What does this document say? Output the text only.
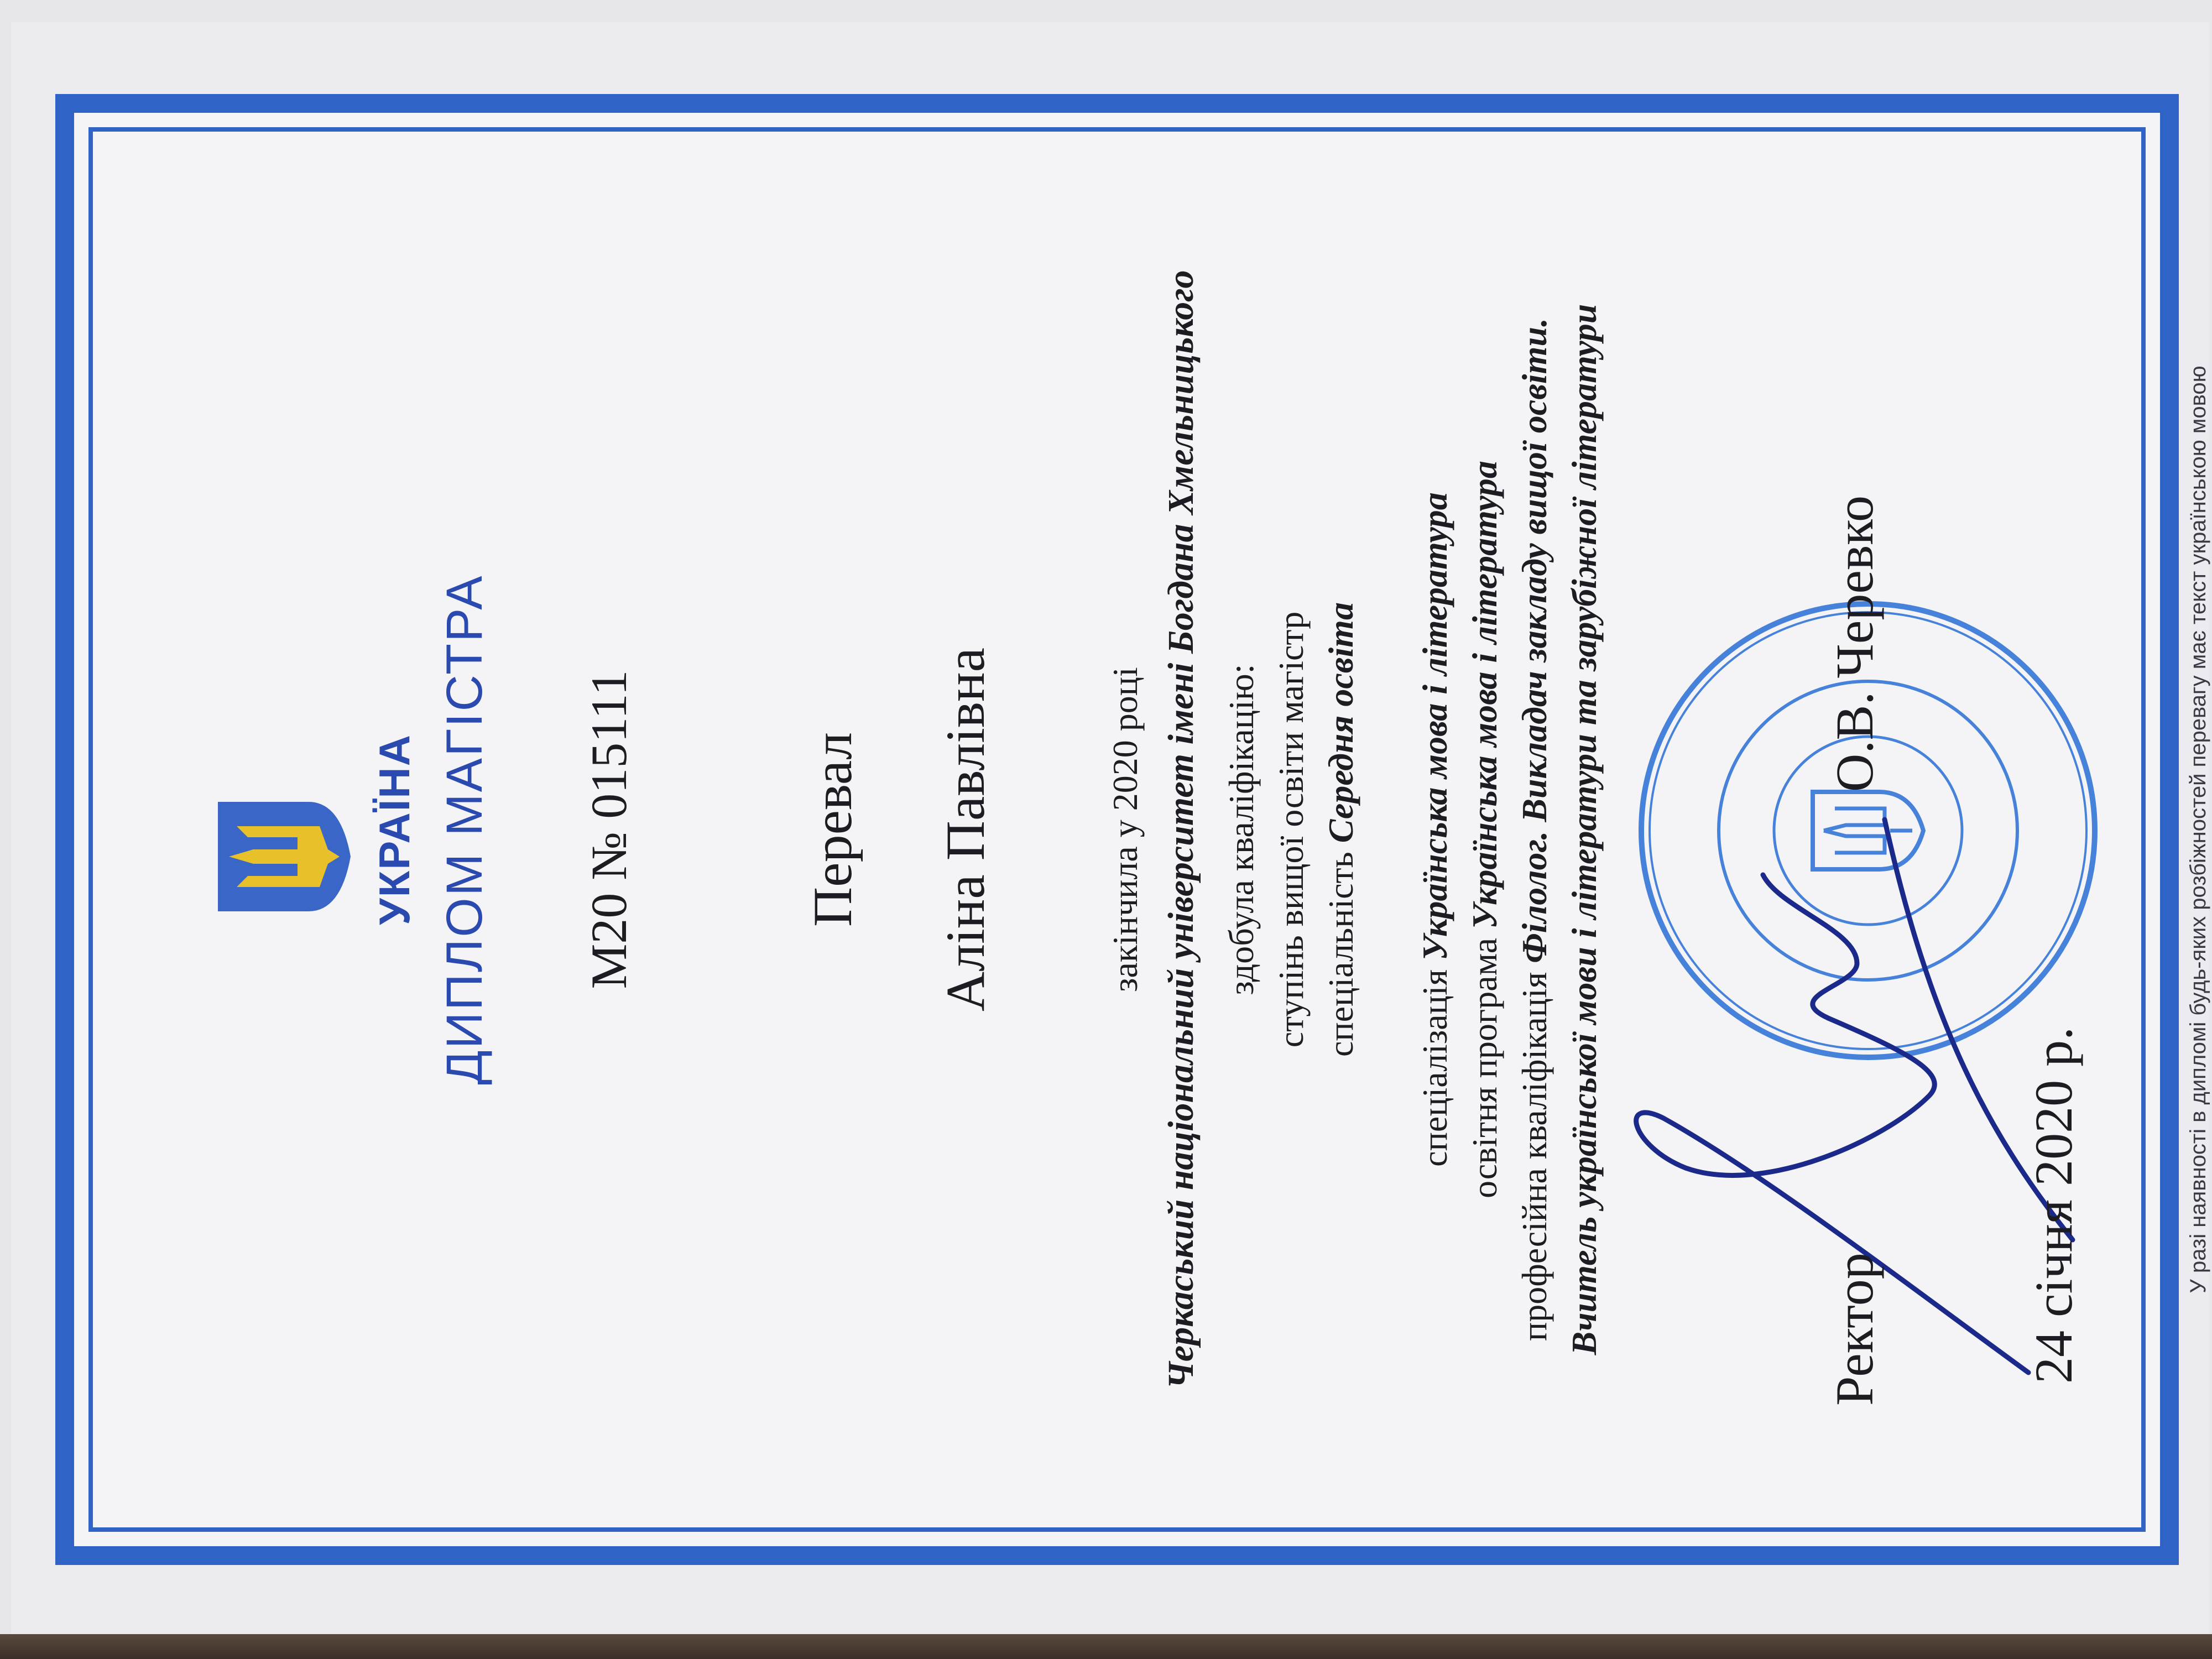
УКРАЇНА ДИПЛОМ МАГІСТРА М20 № 015111	Перевал Аліна Павлівна	закінчила у 2020 році Черкаський національний університет імені Богдана Хмельницького здобула кваліфікацію: ступінь вищої освіти магістр
спеціальність Середня освіта
спеціалізація Українська мова і література
освітня програма Українська мова і література
професійна кваліфікація Філолог. Викладач закладу вищої освіти. Вчитель української мови і літератури та зарубіжної літератури	Ректор
О.В. Черевко
24 січня 2020 р.	У разі наявності в дипломі будь-яких розбіжностей перевагу має текст українською мовою
